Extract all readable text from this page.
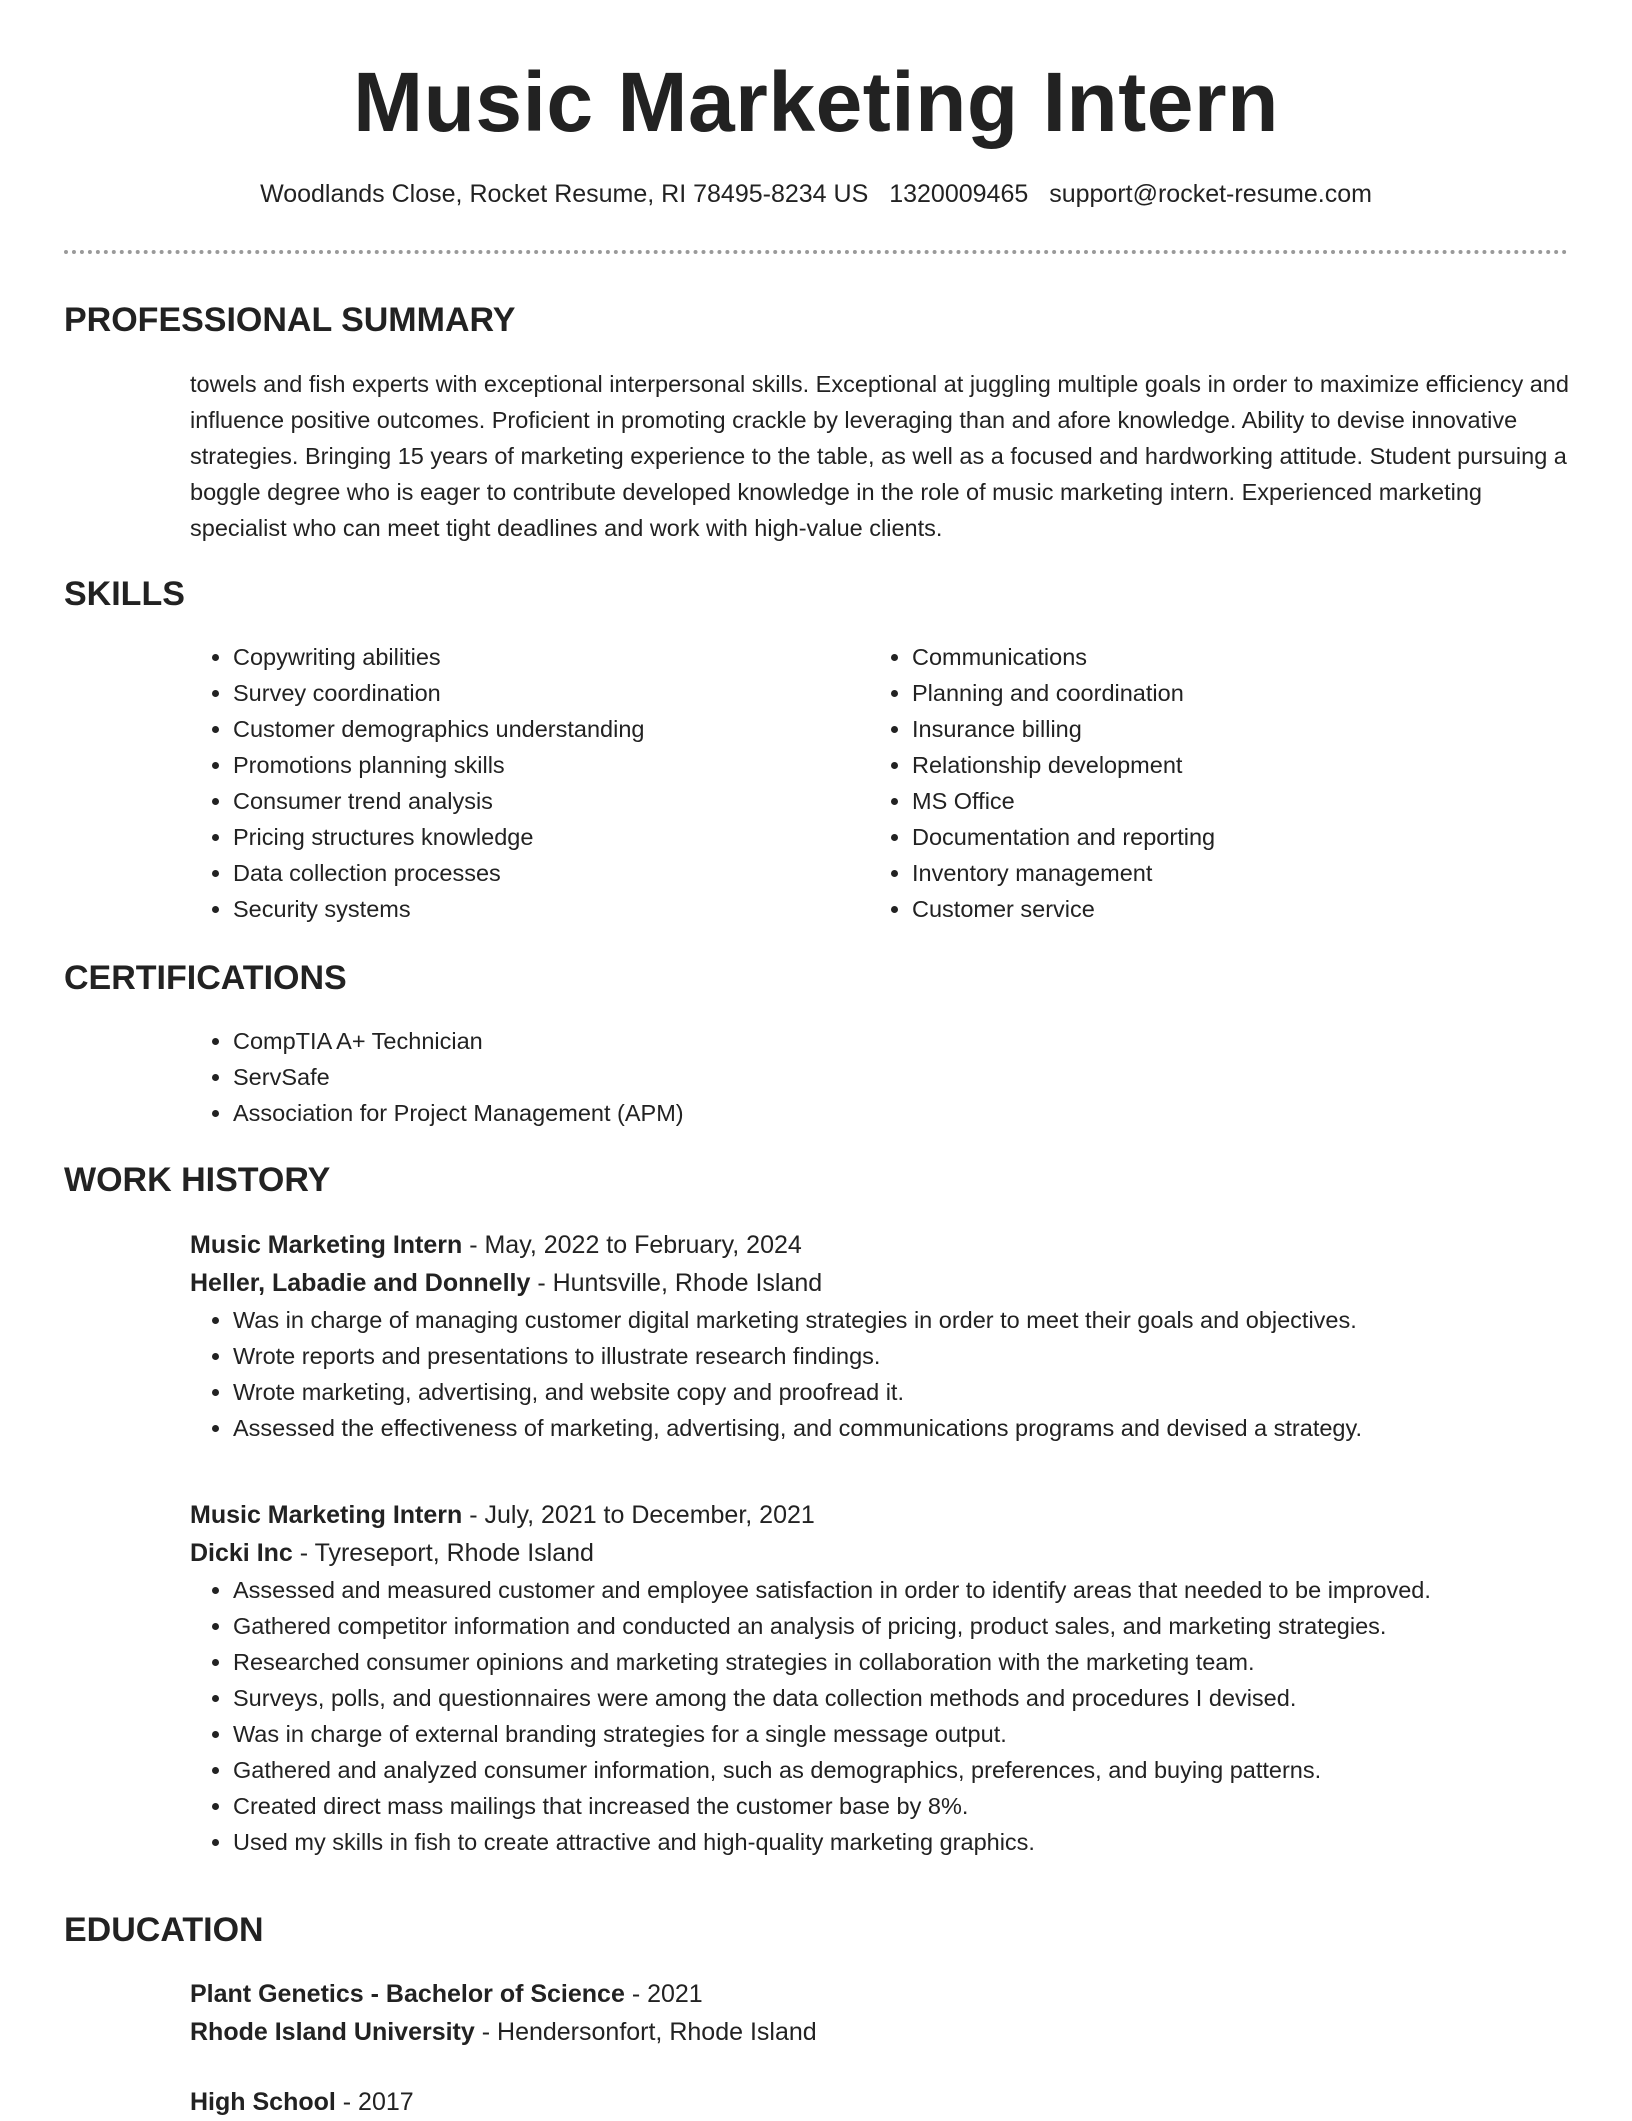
Music Marketing Intern
Woodlands Close, Rocket Resume, RI 78495-8234 US 1320009465 support@rocket-resume.com
PROFESSIONAL SUMMARY

towels and fish experts with exceptional interpersonal skills. Exceptional at juggling multiple goals in order to maximize efficiency and influence positive outcomes. Proficient in promoting crackle by leveraging than and afore knowledge. Ability to devise innovative strategies. Bringing 15 years of marketing experience to the table, as well as a focused and hardworking attitude. Student pursuing a boggle degree who is eager to contribute developed knowledge in the role of music marketing intern. Experienced marketing specialist who can meet tight deadlines and work with high-value clients.

SKILLS
• Copywriting abilities
• Survey coordination
• Customer demographics understanding
• Promotions planning skills
• Consumer trend analysis
• Pricing structures knowledge
• Data collection processes
• Security systems
• Communications
• Planning and coordination
• Insurance billing
• Relationship development
• MS Office
• Documentation and reporting
• Inventory management
• Customer service
CERTIFICATIONS
• CompTIA A+ Technician
• ServSafe
• Association for Project Management (APM)
WORK HISTORY
Music Marketing Intern - May, 2022 to February, 2024
Heller, Labadie and Donnelly - Huntsville, Rhode Island
• Was in charge of managing customer digital marketing strategies in order to meet their goals and objectives.
• Wrote reports and presentations to illustrate research findings.
• Wrote marketing, advertising, and website copy and proofread it.
• Assessed the effectiveness of marketing, advertising, and communications programs and devised a strategy.
Music Marketing Intern - July, 2021 to December, 2021
Dicki Inc - Tyreseport, Rhode Island
• Assessed and measured customer and employee satisfaction in order to identify areas that needed to be improved.
• Gathered competitor information and conducted an analysis of pricing, product sales, and marketing strategies.
• Researched consumer opinions and marketing strategies in collaboration with the marketing team.
• Surveys, polls, and questionnaires were among the data collection methods and procedures I devised.
• Was in charge of external branding strategies for a single message output.
• Gathered and analyzed consumer information, such as demographics, preferences, and buying patterns.
• Created direct mass mailings that increased the customer base by 8%.
• Used my skills in fish to create attractive and high-quality marketing graphics.
EDUCATION
Plant Genetics - Bachelor of Science - 2021
Rhode Island University - Hendersonfort, Rhode Island
High School - 2017
